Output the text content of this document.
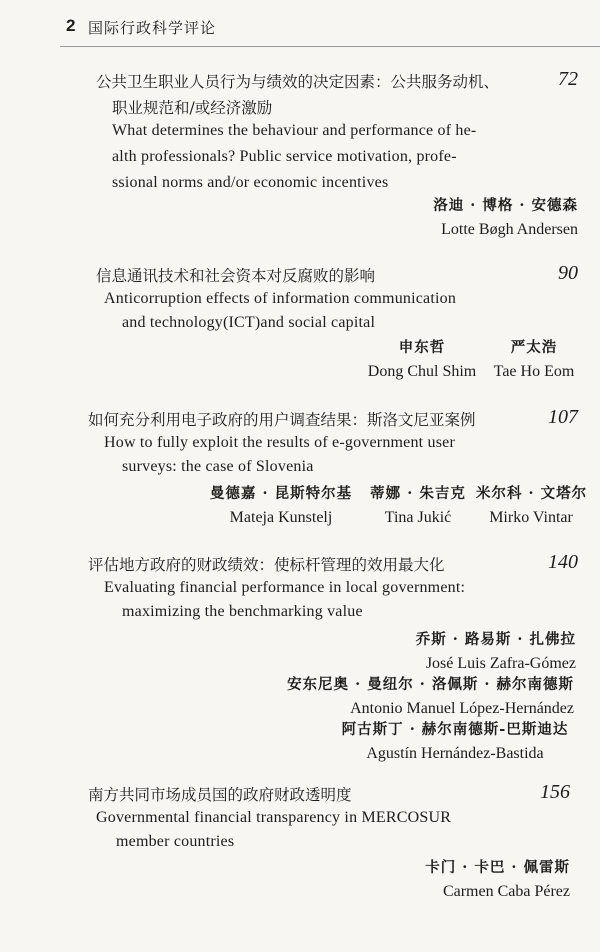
2 国际行政科学评论
公共卫生职业人员行为与绩效的决定因素：公共服务动机、	72
职业规范和/或经济激励
What determines the behaviour and performance of he-
alth professionals? Public service motivation, profe-
ssional norms and/or economic incentives
洛迪 · 博格 · 安德森
Lotte Bøgh Andersen
信息通讯技术和社会资本对反腐败的影响	90
Anticorruption effects of information communication
and technology(ICT)and social capital
申东哲
Dong Chul Shim
严太浩
Tae Ho Eom
如何充分利用电子政府的用户调查结果：斯洛文尼亚案例	107
How to fully exploit the results of e-government user
surveys: the case of Slovenia
曼德嘉 · 昆斯特尔基
Mateja Kunstelj
蒂娜 · 朱吉克
Tina Jukić
米尔科 · 文塔尔
Mirko Vintar
评估地方政府的财政绩效：使标杆管理的效用最大化	140
Evaluating financial performance in local government:
maximizing the benchmarking value
乔斯 · 路易斯 · 扎佛拉
José Luis Zafra-Gómez
安东尼奥 · 曼纽尔 · 洛佩斯 · 赫尔南德斯
Antonio Manuel López-Hernández
阿古斯丁 · 赫尔南德斯-巴斯迪达
Agustín Hernández-Bastida
南方共同市场成员国的政府财政透明度	156
Governmental financial transparency in MERCOSUR
member countries
卡门 · 卡巴 · 佩雷斯
Carmen Caba Pérez
